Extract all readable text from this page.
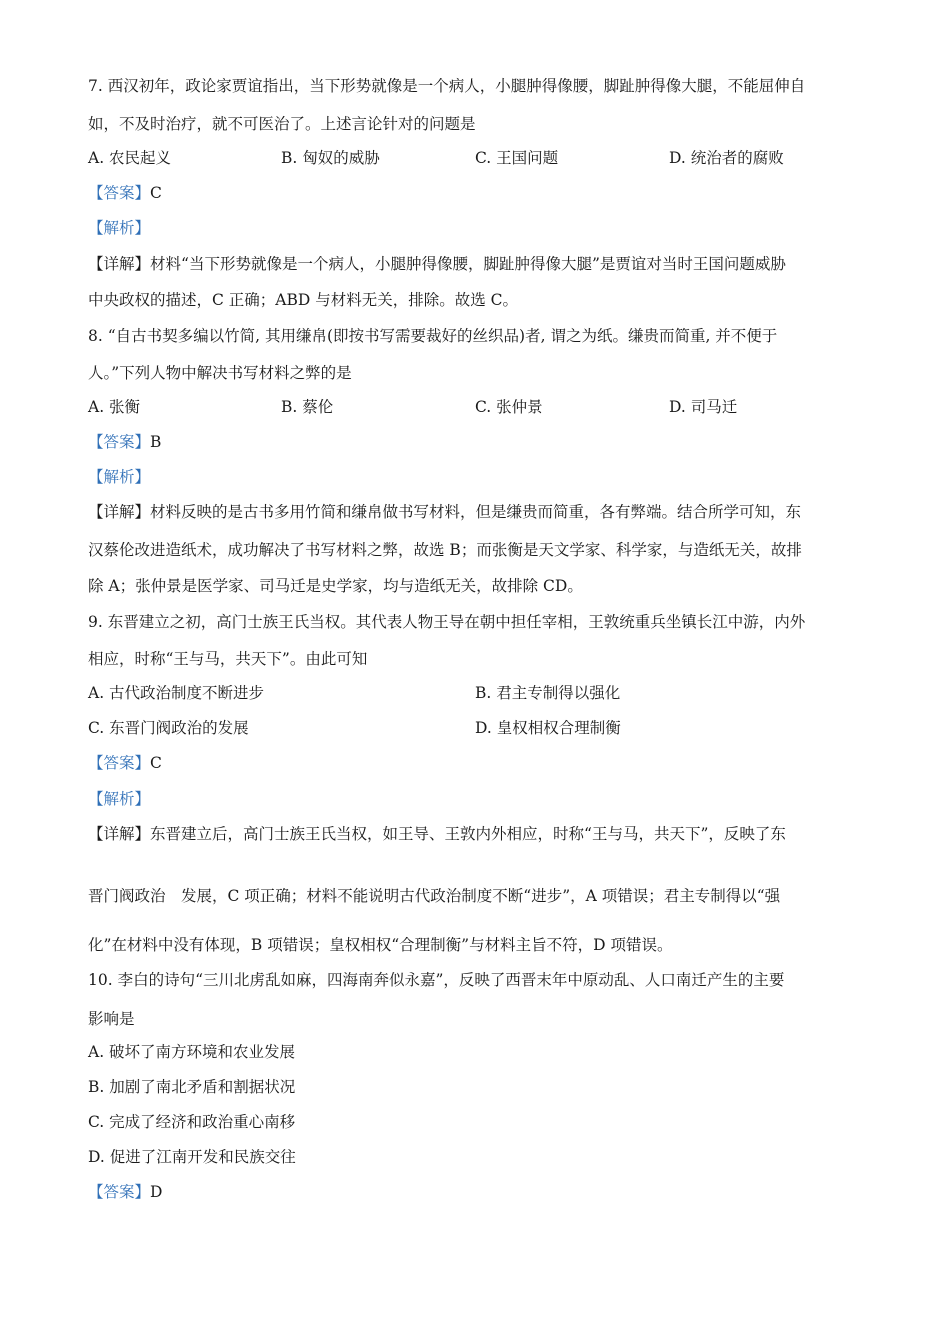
7. 西汉初年，政论家贾谊指出，当下形势就像是一个病人，小腿肿得像腰，脚趾肿得像大腿，不能屈伸自
如，不及时治疗，就不可医治了。上述言论针对的问题是
A. 农民起义	B. 匈奴的威胁	C. 王国问题	D. 统治者的腐败
【答案】C
【解析】
【详解】材料“当下形势就像是一个病人，小腿肿得像腰，脚趾肿得像大腿”是贾谊对当时王国问题威胁
中央政权的描述，C 正确；ABD 与材料无关，排除。故选 C。
8. “自古书契多编以竹简, 其用缣帛(即按书写需要裁好的丝织品)者, 谓之为纸。缣贵而简重, 并不便于
人。”下列人物中解决书写材料之弊的是
A. 张衡	B. 蔡伦	C. 张仲景	D. 司马迁
【答案】B
【解析】
【详解】材料反映的是古书多用竹简和缣帛做书写材料，但是缣贵而简重，各有弊端。结合所学可知，东
汉蔡伦改进造纸术，成功解决了书写材料之弊，故选 B；而张衡是天文学家、科学家，与造纸无关，故排
除 A；张仲景是医学家、司马迁是史学家，均与造纸无关，故排除 CD。
9. 东晋建立之初，高门士族王氏当权。其代表人物王导在朝中担任宰相，王敦统重兵坐镇长江中游，内外
相应，时称“王与马，共天下”。由此可知
A. 古代政治制度不断进步	B. 君主专制得以强化
C. 东晋门阀政治的发展	D. 皇权相权合理制衡
【答案】C
【解析】
【详解】东晋建立后，高门士族王氏当权，如王导、王敦内外相应，时称“王与马，共天下”，反映了东
晋门阀政治　发展，C 项正确；材料不能说明古代政治制度不断“进步”，A 项错误；君主专制得以“强
化”在材料中没有体现，B 项错误；皇权相权“合理制衡”与材料主旨不符，D 项错误。
10. 李白的诗句“三川北虏乱如麻，四海南奔似永嘉”，反映了西晋末年中原动乱、人口南迁产生的主要
影响是
A. 破坏了南方环境和农业发展
B. 加剧了南北矛盾和割据状况
C. 完成了经济和政治重心南移
D. 促进了江南开发和民族交往
【答案】D
